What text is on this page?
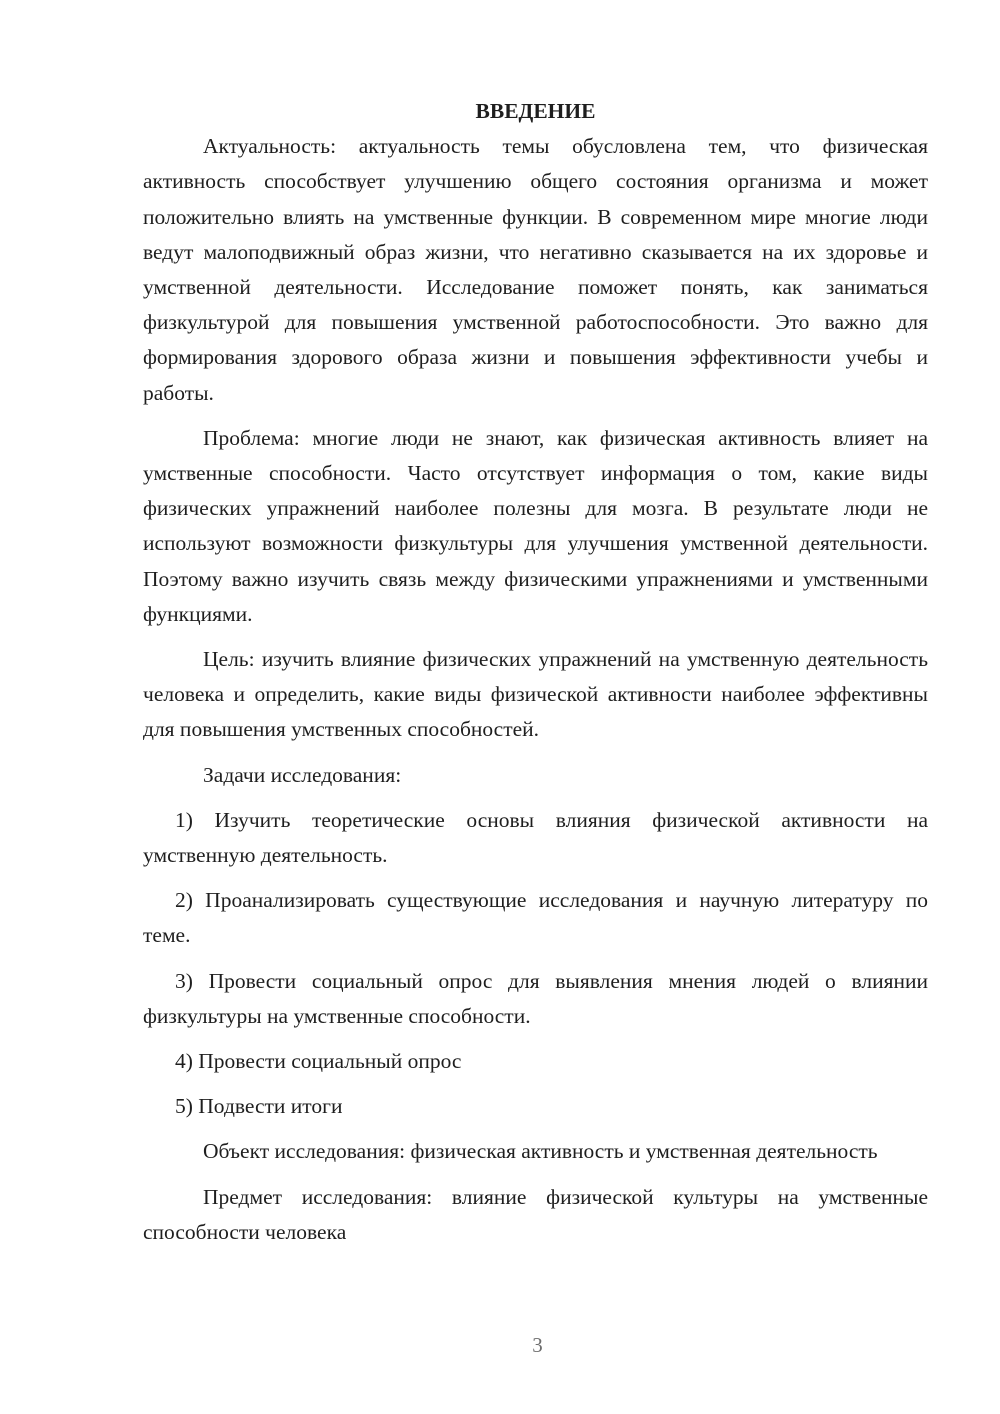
ВВЕДЕНИЕ

Актуальность: актуальность темы обусловлена тем, что физическая активность способствует улучшению общего состояния организма и может положительно влиять на умственные функции. В современном мире многие люди ведут малоподвижный образ жизни, что негативно сказывается на их здоровье и умственной деятельности. Исследование поможет понять, как заниматься физкультурой для повышения умственной работоспособности. Это важно для формирования здорового образа жизни и повышения эффективности учебы и работы.

Проблема: многие люди не знают, как физическая активность влияет на умственные способности. Часто отсутствует информация о том, какие виды физических упражнений наиболее полезны для мозга. В результате люди не используют возможности физкультуры для улучшения умственной деятельности. Поэтому важно изучить связь между физическими упражнениями и умственными функциями.

Цель: изучить влияние физических упражнений на умственную деятельность человека и определить, какие виды физической активности наиболее эффективны для повышения умственных способностей.

Задачи исследования:

1) Изучить теоретические основы влияния физической активности на умственную деятельность.

2) Проанализировать существующие исследования и научную литературу по теме.

3) Провести социальный опрос для выявления мнения людей о влиянии физкультуры на умственные способности.

4) Провести социальный опрос

5) Подвести итоги

Объект исследования: физическая активность и умственная деятельность

Предмет исследования: влияние физической культуры на умственные способности человека

3
